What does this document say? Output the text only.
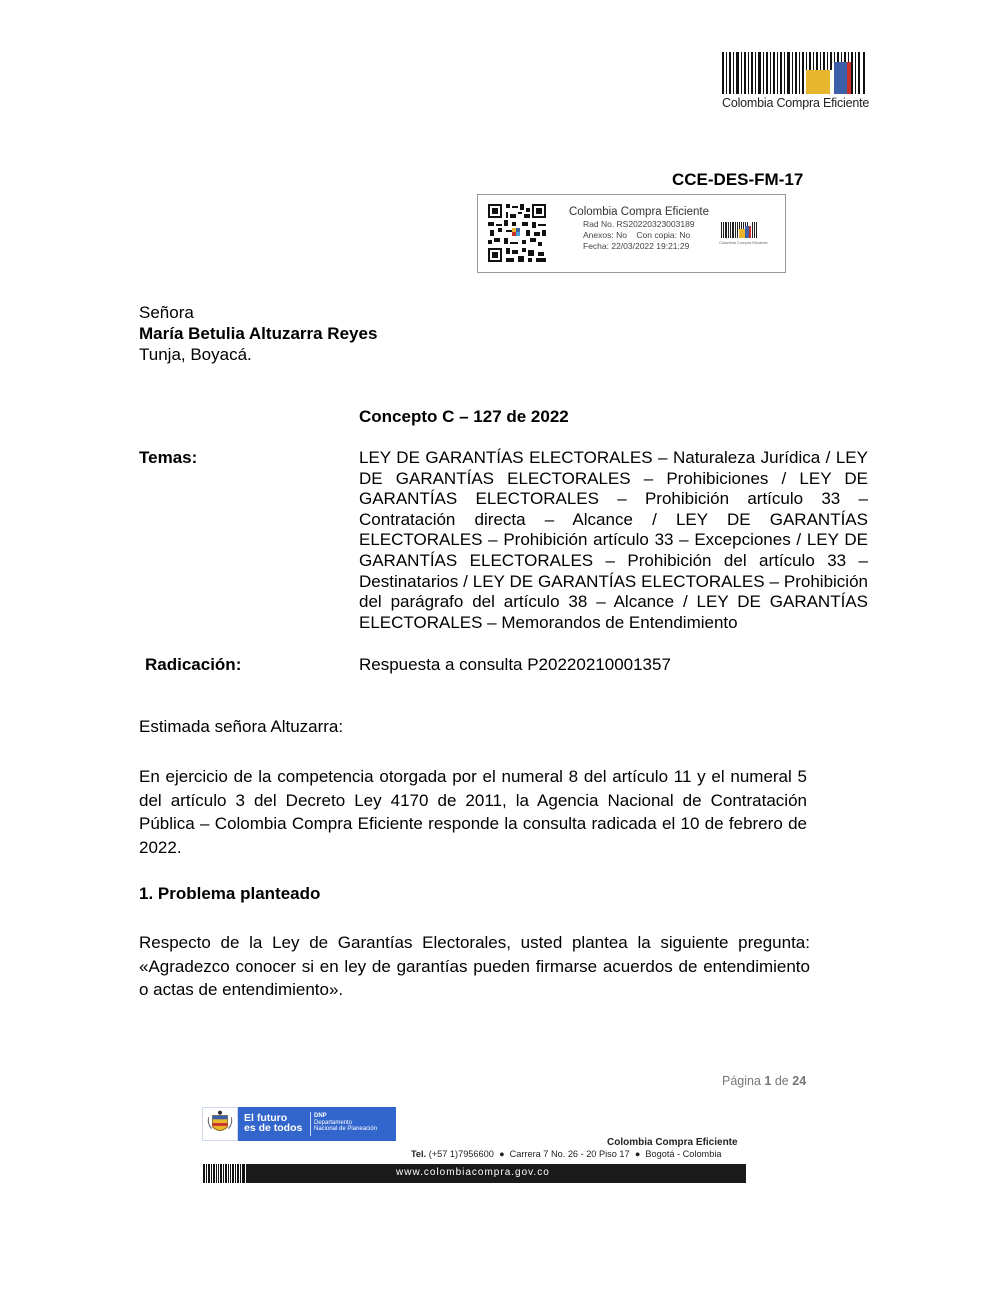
Colombia Compra Eficiente
CCE-DES-FM-17
Colombia Compra Eficiente
Rad No. RS20220323003189
Anexos: No    Con copia: No
Fecha: 22/03/2022 19:21:29	Colombia Compra Eficiente
Señora
María Betulia Altuzarra Reyes
Tunja, Boyacá.
Concepto C – 127 de 2022
Temas:	LEY DE GARANTÍAS ELECTORALES – Naturaleza Jurídica / LEY DE GARANTÍAS ELECTORALES – Prohibiciones / LEY DE GARANTÍAS ELECTORALES – Prohibición artículo 33 – Contratación directa – Alcance / LEY DE GARANTÍAS ELECTORALES – Prohibición artículo 33 – Excepciones / LEY DE GARANTÍAS ELECTORALES – Prohibición del artículo 33 – Destinatarios / LEY DE GARANTÍAS ELECTORALES – Prohibición del parágrafo del artículo 38 – Alcance / LEY DE GARANTÍAS ELECTORALES – Memorandos de Entendimiento
Radicación:	Respuesta a consulta P20220210001357
Estimada señora Altuzarra:
En ejercicio de la competencia otorgada por el numeral 8 del artículo 11 y el numeral 5 del artículo 3 del Decreto Ley 4170 de 2011, la Agencia Nacional de Contratación Pública – Colombia Compra Eficiente responde la consulta radicada el 10 de febrero de 2022.
1. Problema planteado
Respecto de la Ley de Garantías Electorales, usted plantea la siguiente pregunta: «Agradezco conocer si en ley de garantías pueden firmarse acuerdos de entendimiento o actas de entendimiento».
Página 1 de 24
El futuro
es de todos
DNP
Departamento
Nacional de Planeación
Colombia Compra Eficiente
Tel. (+57 1)7956600  ●  Carrera 7 No. 26 - 20 Piso 17  ●  Bogotá - Colombia
www.colombiacompra.gov.co
